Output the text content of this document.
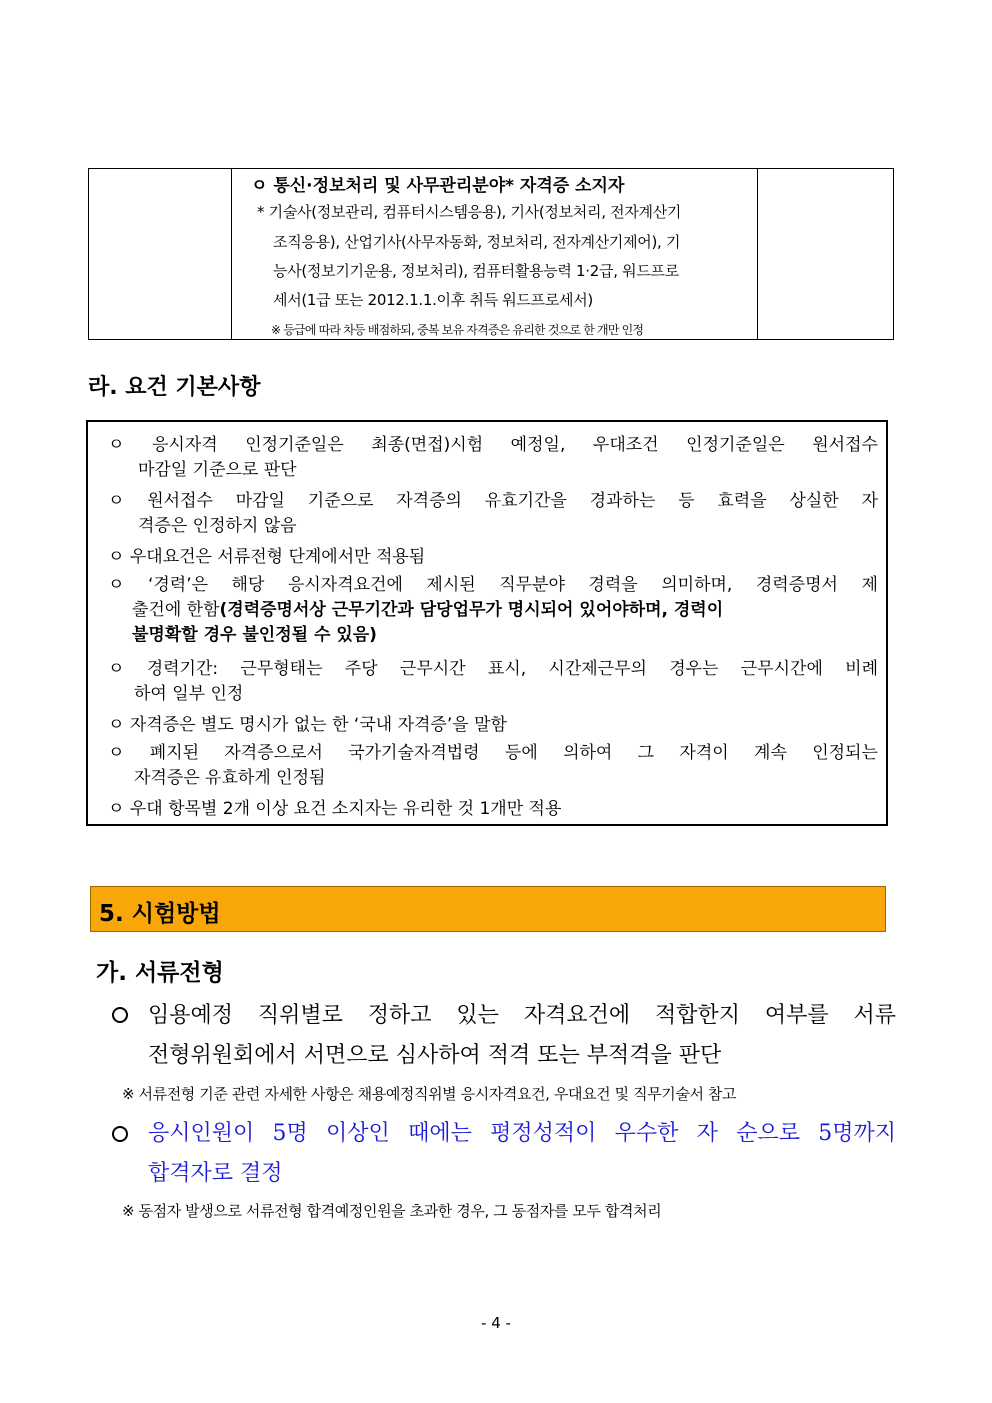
ㅇ 통신·정보처리 및 사무관리분야* 자격증 소지자
* 기술사(정보관리, 컴퓨터시스템응용), 기사(정보처리, 전자계산기
조직응용), 산업기사(사무자동화, 정보처리, 전자계산기제어), 기
능사(정보기기운용, 정보처리), 컴퓨터활용능력 1·2급, 워드프로
세서(1급 또는 2012.1.1.이후 취득 워드프로세서)
※ 등급에 따라 차등 배점하되, 중복 보유 자격증은 유리한 것으로 한 개만 인정
라. 요건 기본사항
ㅇ 응시자격 인정기준일은 최종(면접)시험 예정일, 우대조건 인정기준일은 원서접수
마감일 기준으로 판단
ㅇ 원서접수 마감일 기준으로 자격증의 유효기간을 경과하는 등 효력을 상실한 자
격증은 인정하지 않음
ㅇ 우대요건은 서류전형 단계에서만 적용됨
ㅇ ‘경력’은 해당 응시자격요건에 제시된 직무분야 경력을 의미하며, 경력증명서 제
출건에 한함(경력증명서상 근무기간과 담당업무가 명시되어 있어야하며, 경력이
불명확할 경우 불인정될 수 있음)
ㅇ 경력기간: 근무형태는 주당 근무시간 표시, 시간제근무의 경우는 근무시간에 비례
하여 일부 인정
ㅇ 자격증은 별도 명시가 없는 한 ‘국내 자격증’을 말함
ㅇ 폐지된 자격증으로서 국가기술자격법령 등에 의하여 그 자격이 계속 인정되는
자격증은 유효하게 인정됨
ㅇ 우대 항목별 2개 이상 요건 소지자는 유리한 것 1개만 적용
5. 시험방법
가. 서류전형
임용예정 직위별로 정하고 있는 자격요건에 적합한지 여부를 서류
전형위원회에서 서면으로 심사하여 적격 또는 부적격을 판단
※ 서류전형 기준 관련 자세한 사항은 채용예정직위별 응시자격요건, 우대요건 및 직무기술서 참고
응시인원이 5명 이상인 때에는 평정성적이 우수한 자 순으로 5명까지
합격자로 결정
※ 동점자 발생으로 서류전형 합격예정인원을 초과한 경우, 그 동점자를 모두 합격처리
- 4 -
